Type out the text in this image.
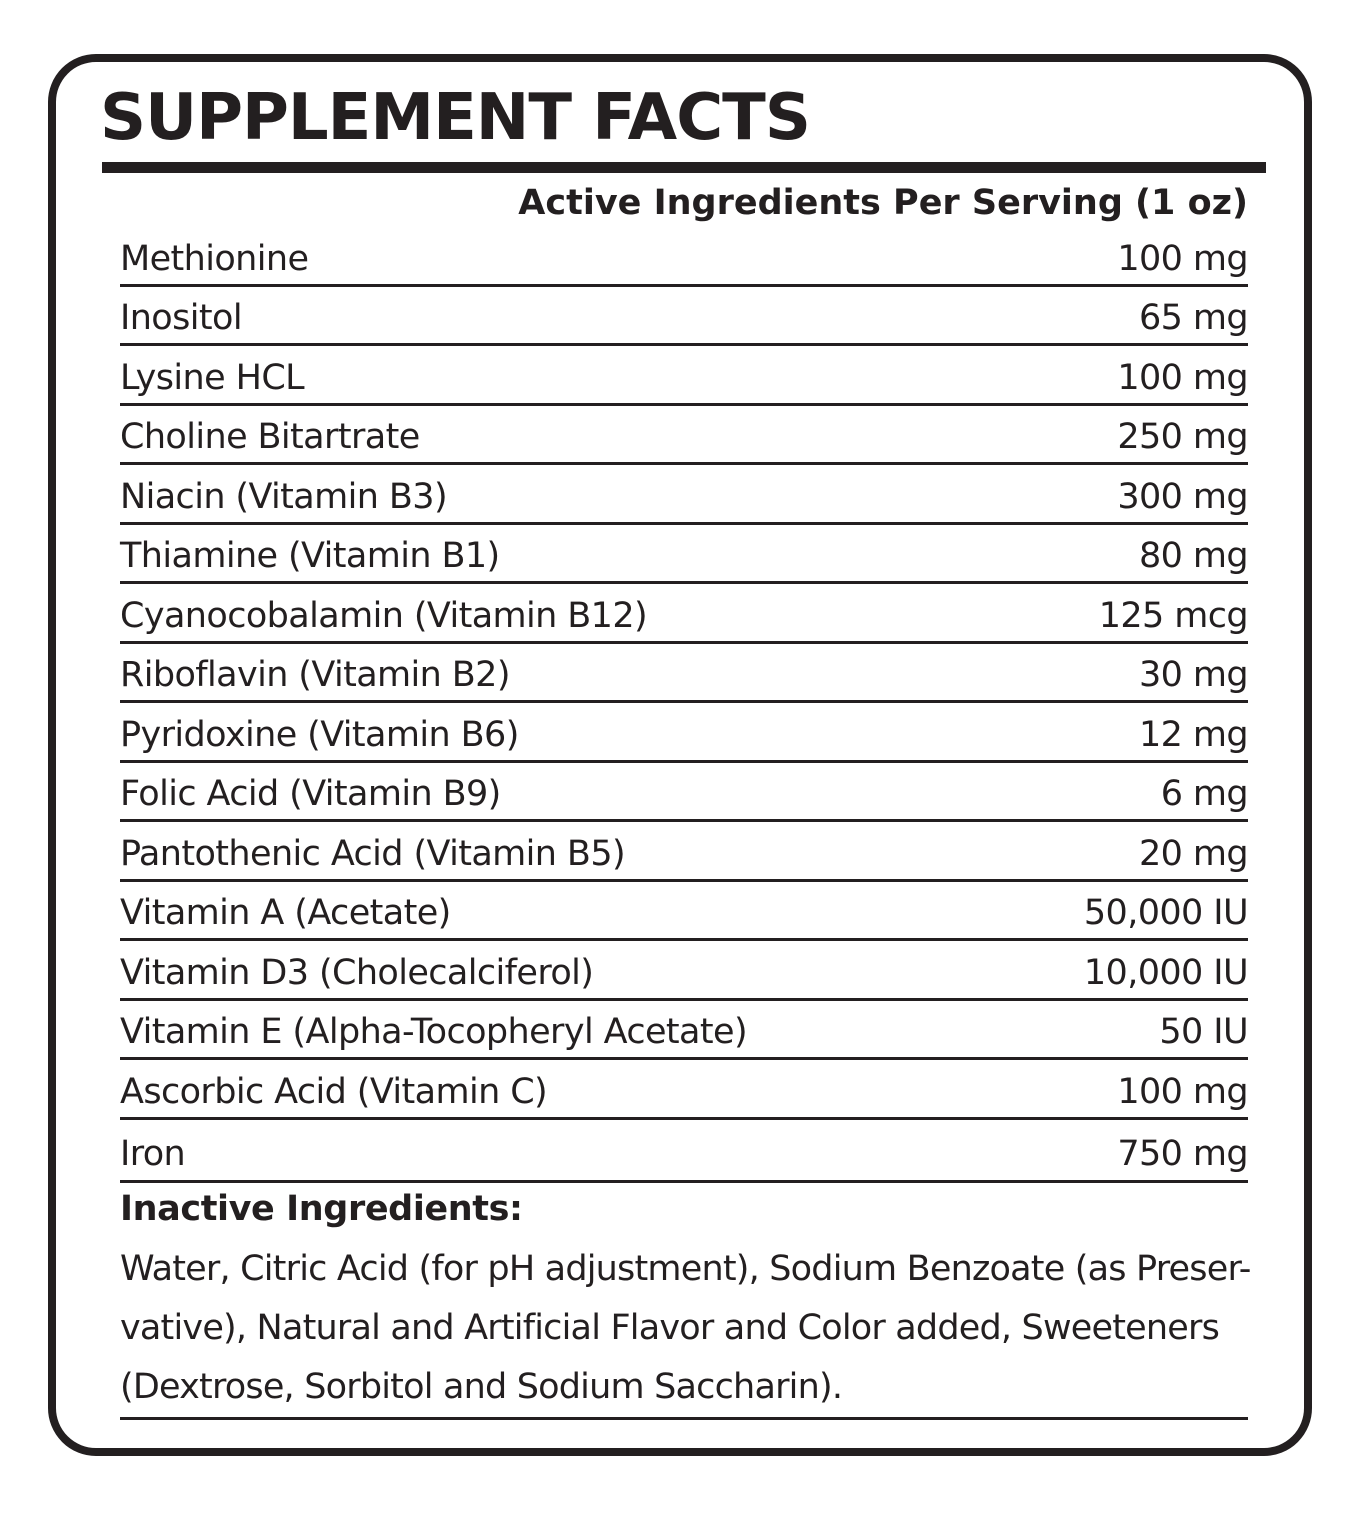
SUPPLEMENT FACTS
Active Ingredients Per Serving (1 oz)
Methionine	100 mg
Inositol	65 mg
Lysine HCL	100 mg
Choline Bitartrate	250 mg
Niacin (Vitamin B3)	300 mg
Thiamine (Vitamin B1)	80 mg
Cyanocobalamin (Vitamin B12)	125 mcg
Riboflavin (Vitamin B2)	30 mg
Pyridoxine (Vitamin B6)	12 mg
Folic Acid (Vitamin B9)	6 mg
Pantothenic Acid (Vitamin B5)	20 mg
Vitamin A (Acetate)	50,000 IU
Vitamin D3 (Cholecalciferol)	10,000 IU
Vitamin E (Alpha-Tocopheryl Acetate)	50 IU
Ascorbic Acid (Vitamin C)	100 mg
Iron	750 mg
Inactive Ingredients:

Water, Citric Acid (for pH adjustment), Sodium Benzoate (as Preser-
vative), Natural and Artificial Flavor and Color added, Sweeteners
(Dextrose, Sorbitol and Sodium Saccharin).
